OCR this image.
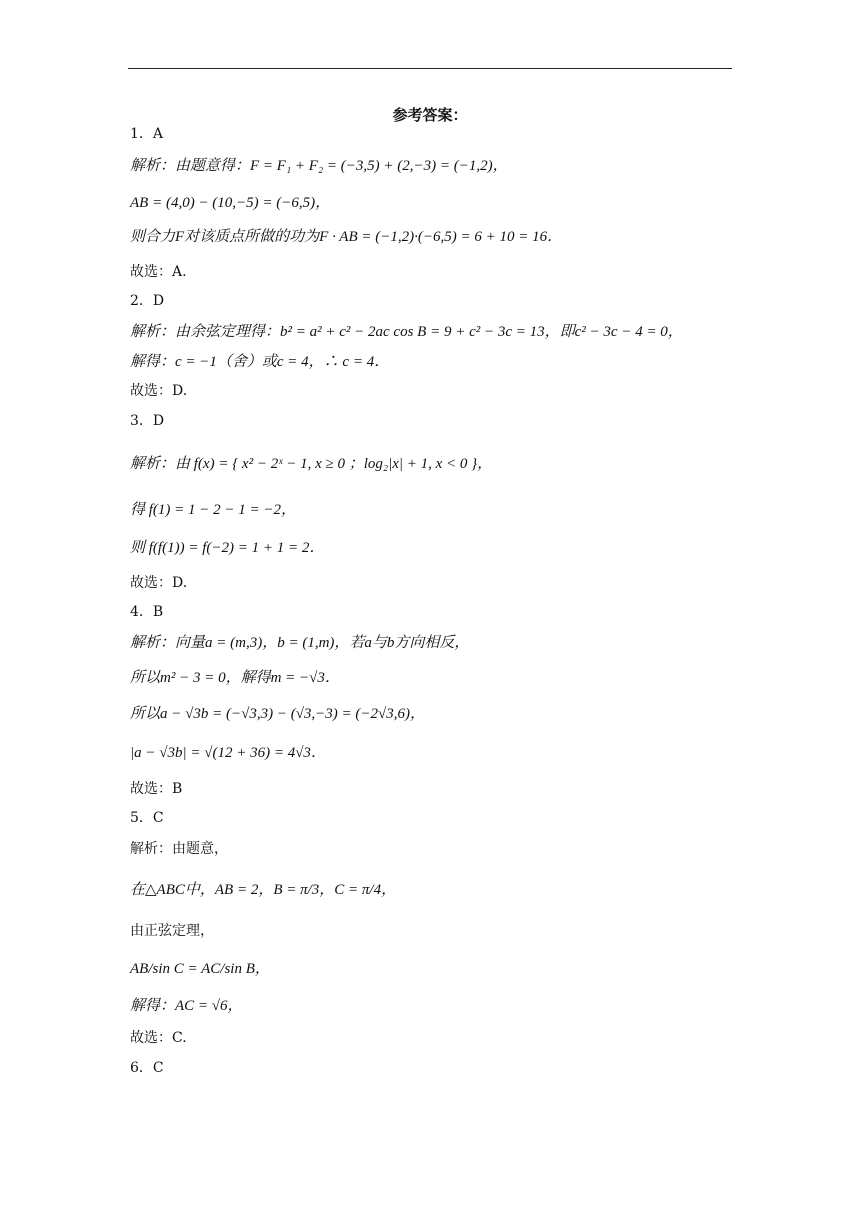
参考答案：
1．A
解析：由题意得：F = F₁ + F₂ = (−3,5) + (2,−3) = (−1,2)，
AB = (4,0) − (10,−5) = (−6,5)，
则合力F对该质点所做的功为F · AB = (−1,2)·(−6,5) = 6 + 10 = 16．
故选：A.
2．D
解析：由余弦定理得：b² = a² + c² − 2ac cos B = 9 + c² − 3c = 13，即c² − 3c − 4 = 0，
解得：c = −1（舍）或c = 4，∴ c = 4．
故选：D.
3．D
解析：由 f(x) = { x² − 2ˣ − 1, x ≥ 0 ；log₂|x| + 1, x < 0 }，
得 f(1) = 1 − 2 − 1 = −2，
则 f(f(1)) = f(−2) = 1 + 1 = 2．
故选：D.
4．B
解析：向量a = (m,3)，b = (1,m)，若a与b方向相反，
所以m² − 3 = 0，解得m = −√3．
所以a − √3b = (−√3,3) − (√3,−3) = (−2√3,6)，
|a − √3b| = √(12 + 36) = 4√3．
故选：B
5．C
解析：由题意，
在△ABC中，AB = 2，B = π/3，C = π/4，
由正弦定理，
AB/sin C = AC/sin B，
解得：AC = √6，
故选：C.
6．C
